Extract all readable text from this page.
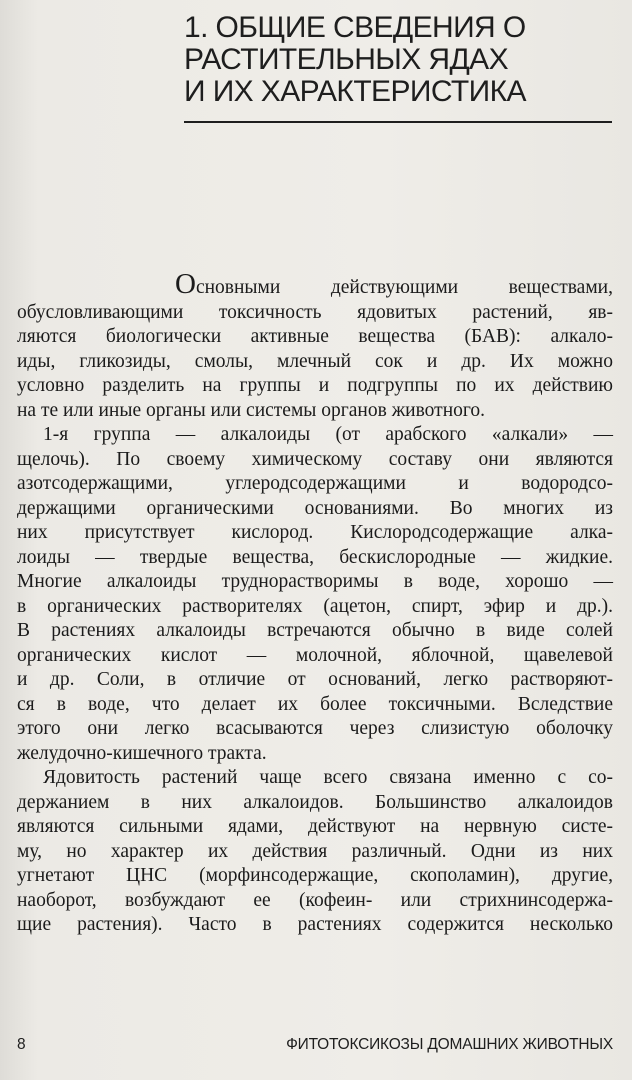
1. ОБЩИЕ СВЕДЕНИЯ О
РАСТИТЕЛЬНЫХ ЯДАХ
И ИХ ХАРАКТЕРИСТИКА

Основными действующими веществами,
обусловливающими токсичность ядовитых растений, яв-
ляются биологически активные вещества (БАВ): алкало-
иды, гликозиды, смолы, млечный сок и др. Их можно
условно разделить на группы и подгруппы по их действию
на те или иные органы или системы органов животного.

1-я группа — алкалоиды (от арабского «алкали» —
щелочь). По своему химическому составу они являются
азотсодержащими, углеродсодержащими и водородсо-
держащими органическими основаниями. Во многих из
них присутствует кислород. Кислородсодержащие алка-
лоиды — твердые вещества, бескислородные — жидкие.
Многие алкалоиды труднорастворимы в воде, хорошо —
в органических растворителях (ацетон, спирт, эфир и др.).
В растениях алкалоиды встречаются обычно в виде солей
органических кислот — молочной, яблочной, щавелевой
и др. Соли, в отличие от оснований, легко растворяют-
ся в воде, что делает их более токсичными. Вследствие
этого они легко всасываются через слизистую оболочку
желудочно-кишечного тракта.

Ядовитость растений чаще всего связана именно с со-
держанием в них алкалоидов. Большинство алкалоидов
являются сильными ядами, действуют на нервную систе-
му, но характер их действия различный. Одни из них
угнетают ЦНС (морфинсодержащие, скополамин), другие,
наоборот, возбуждают ее (кофеин- или стрихнинсодержа-
щие растения). Часто в растениях содержится несколько

8	ФИТОТОКСИКОЗЫ ДОМАШНИХ ЖИВОТНЫХ
